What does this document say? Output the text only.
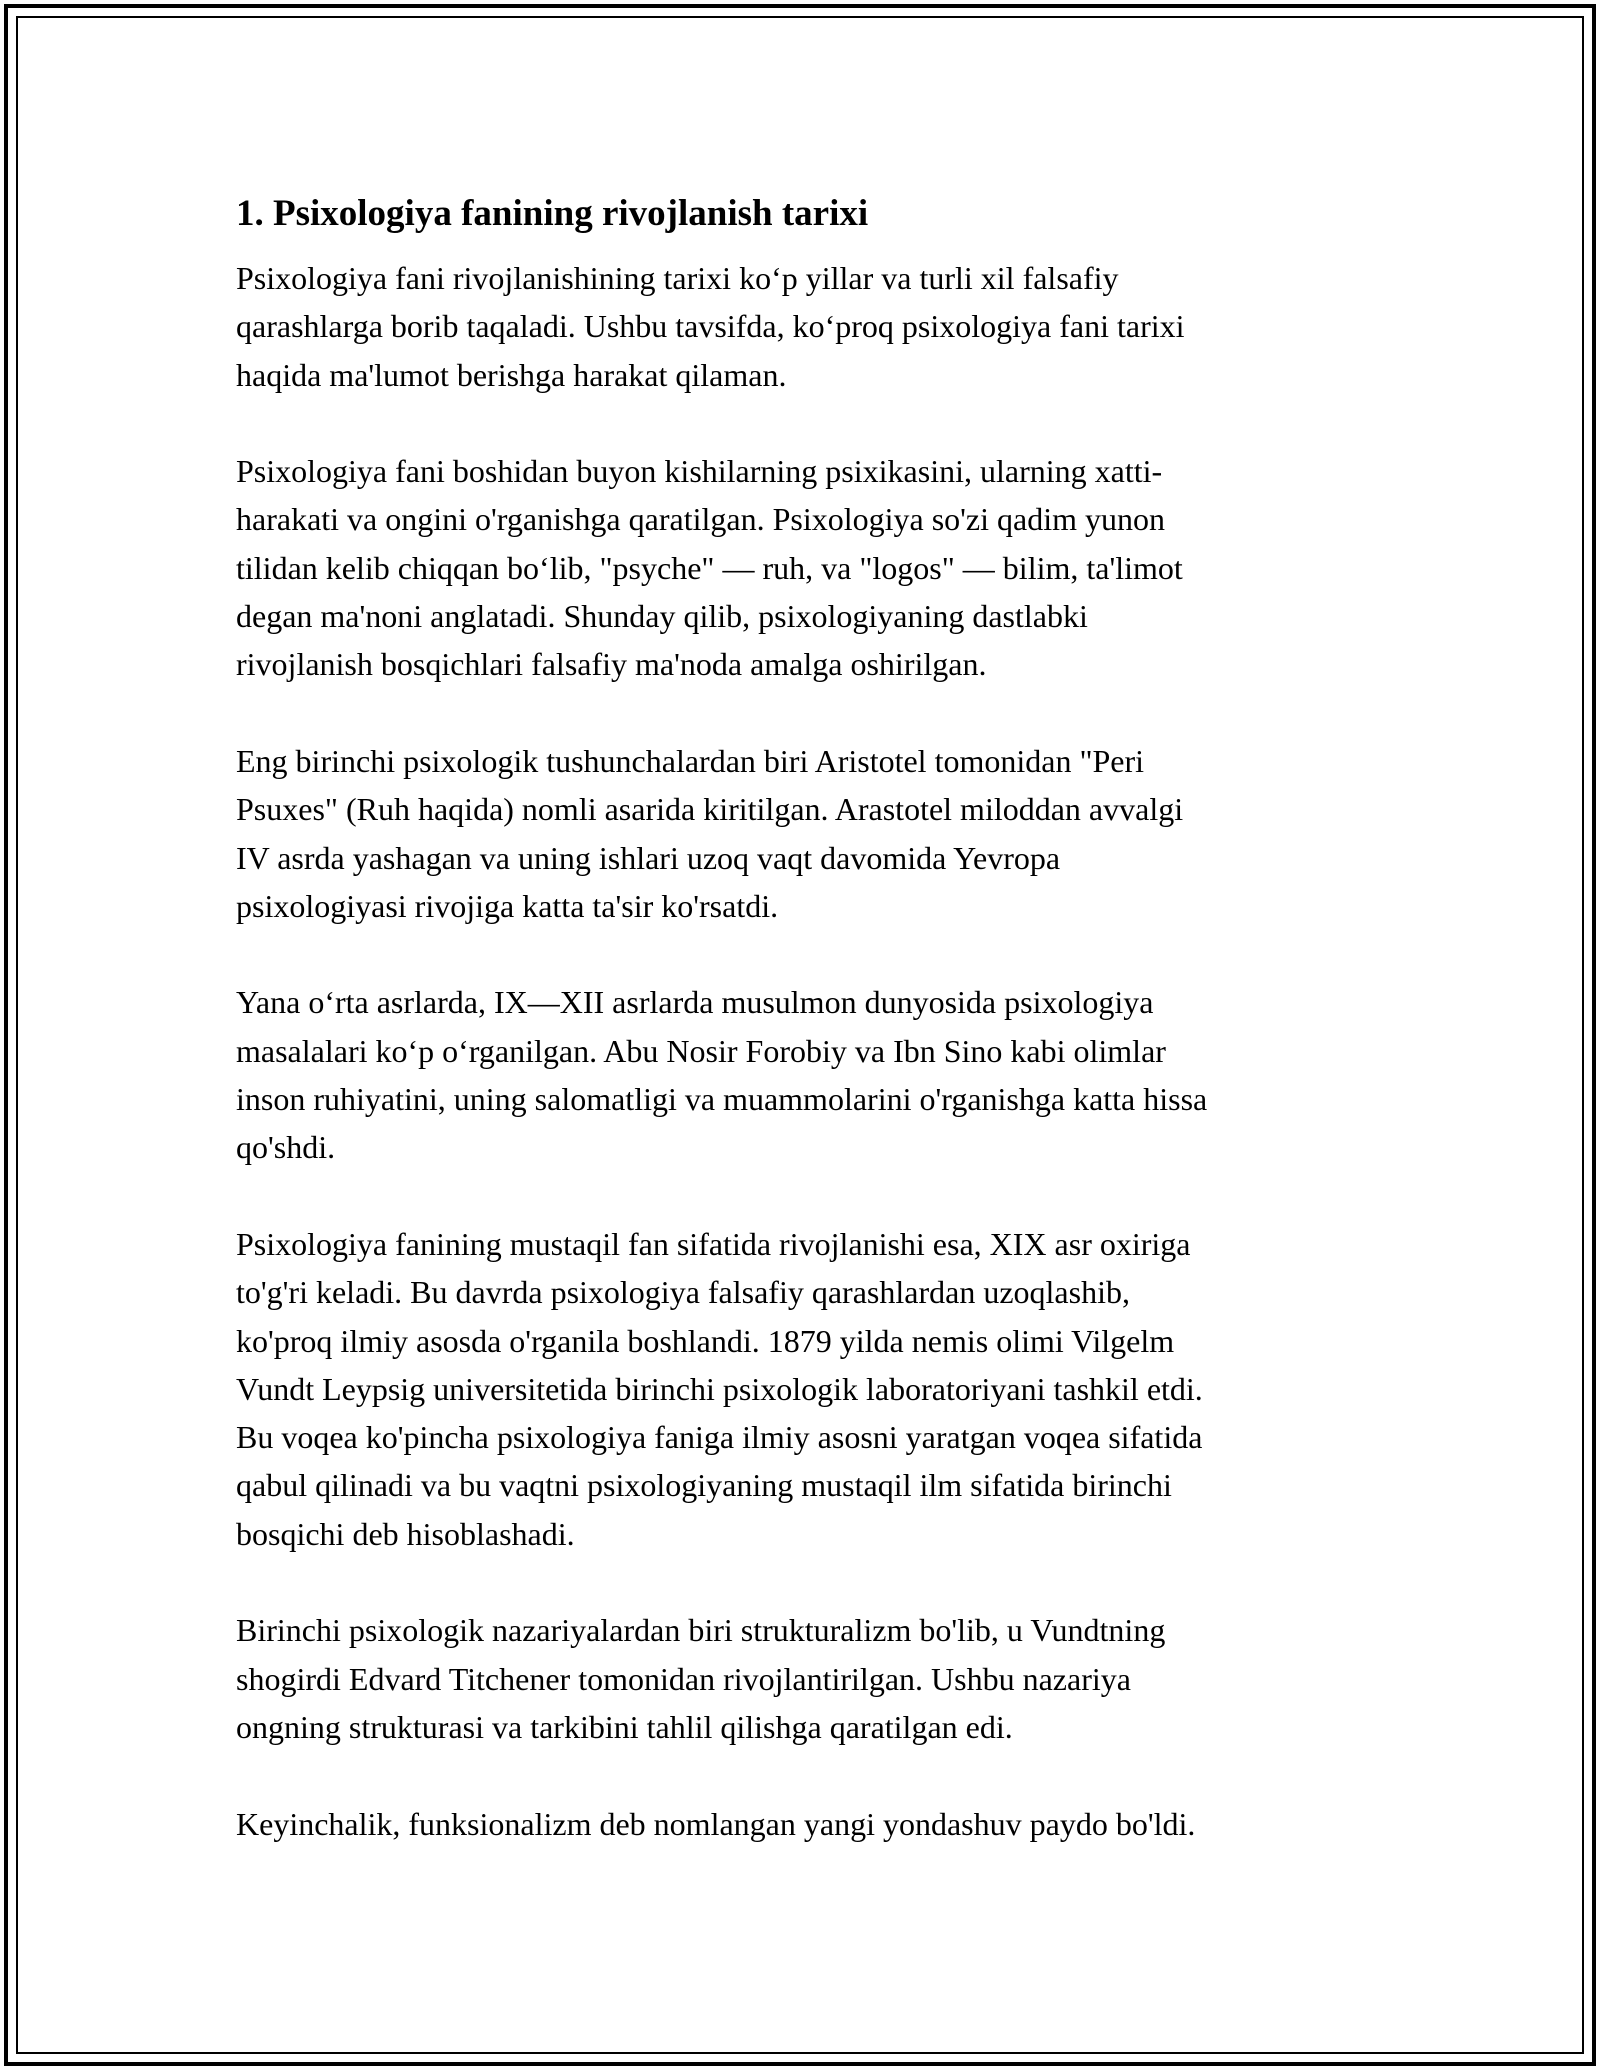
1. Psixologiya fanining rivojlanish tarixi

Psixologiya fani rivojlanishining tarixi ko‘p yillar va turli xil falsafiy
qarashlarga borib taqaladi. Ushbu tavsifda, ko‘proq psixologiya fani tarixi
haqida ma'lumot berishga harakat qilaman.

Psixologiya fani boshidan buyon kishilarning psixikasini, ularning xatti-
harakati va ongini o'rganishga qaratilgan. Psixologiya so'zi qadim yunon
tilidan kelib chiqqan bo‘lib, "psyche" — ruh, va "logos" — bilim, ta'limot
degan ma'noni anglatadi. Shunday qilib, psixologiyaning dastlabki
rivojlanish bosqichlari falsafiy ma'noda amalga oshirilgan.

Eng birinchi psixologik tushunchalardan biri Aristotel tomonidan "Peri
Psuxes" (Ruh haqida) nomli asarida kiritilgan. Arastotel miloddan avvalgi
IV asrda yashagan va uning ishlari uzoq vaqt davomida Yevropa
psixologiyasi rivojiga katta ta'sir ko'rsatdi.

Yana o‘rta asrlarda, IX—XII asrlarda musulmon dunyosida psixologiya
masalalari ko‘p o‘rganilgan. Abu Nosir Forobiy va Ibn Sino kabi olimlar
inson ruhiyatini, uning salomatligi va muammolarini o'rganishga katta hissa
qo'shdi.

Psixologiya fanining mustaqil fan sifatida rivojlanishi esa, XIX asr oxiriga
to'g'ri keladi. Bu davrda psixologiya falsafiy qarashlardan uzoqlashib,
ko'proq ilmiy asosda o'rganila boshlandi. 1879 yilda nemis olimi Vilgelm
Vundt Leypsig universitetida birinchi psixologik laboratoriyani tashkil etdi.
Bu voqea ko'pincha psixologiya faniga ilmiy asosni yaratgan voqea sifatida
qabul qilinadi va bu vaqtni psixologiyaning mustaqil ilm sifatida birinchi
bosqichi deb hisoblashadi.

Birinchi psixologik nazariyalardan biri strukturalizm bo'lib, u Vundtning
shogirdi Edvard Titchener tomonidan rivojlantirilgan. Ushbu nazariya
ongning strukturasi va tarkibini tahlil qilishga qaratilgan edi.

Keyinchalik, funksionalizm deb nomlangan yangi yondashuv paydo bo'ldi.
